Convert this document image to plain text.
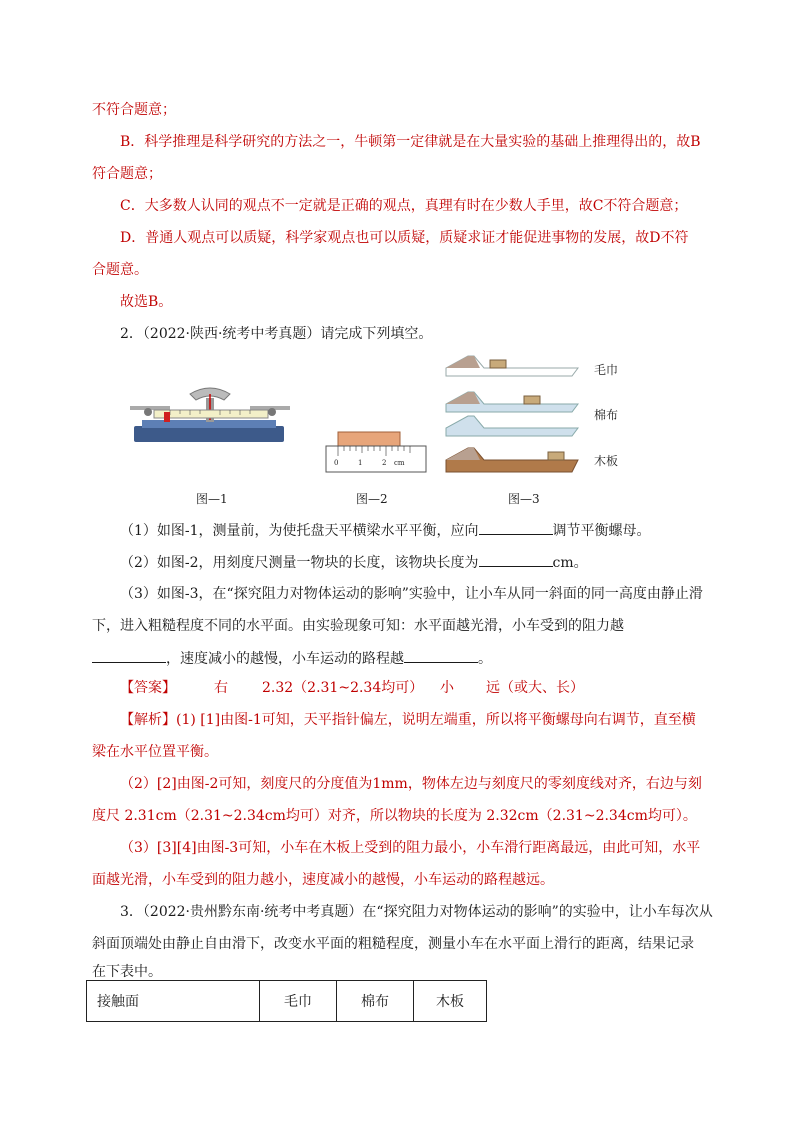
不符合题意；
B．科学推理是科学研究的方法之一，牛顿第一定律就是在大量实验的基础上推理得出的，故B
符合题意；
C．大多数人认同的观点不一定就是正确的观点，真理有时在少数人手里，故C不符合题意；
D．普通人观点可以质疑，科学家观点也可以质疑，质疑求证才能促进事物的发展，故D不符
合题意。
故选B。
2．（2022·陕西·统考中考真题）请完成下列填空。
图—1
0	1	2 cm
图—2
毛巾
棉布
木板
图—3
（1）如图-1，测量前，为使托盘天平横梁水平平衡，应向	调节平衡螺母。
（2）如图-2，用刻度尺测量一物块的长度，该物块长度为	cm。
（3）如图-3，在“探究阻力对物体运动的影响”实验中，让小车从同一斜面的同一高度由静止滑
下，进入粗糙程度不同的水平面。由实验现象可知：水平面越光滑，小车受到的阻力越
，速度减小的越慢，小车运动的路程越	。
【答案】	右 2.32（2.31~2.34均可） 小 远（或大、长）
【解析】(1) [1]由图-1可知，天平指针偏左，说明左端重，所以将平衡螺母向右调节，直至横
梁在水平位置平衡。
（2）[2]由图-2可知，刻度尺的分度值为1mm，物体左边与刻度尺的零刻度线对齐，右边与刻
度尺 2.31cm（2.31~2.34cm均可）对齐，所以物块的长度为 2.32cm（2.31~2.34cm均可）。
（3）[3][4]由图-3可知，小车在木板上受到的阻力最小，小车滑行距离最远，由此可知，水平
面越光滑，小车受到的阻力越小，速度减小的越慢，小车运动的路程越远。
3．（2022·贵州黔东南·统考中考真题）在“探究阻力对物体运动的影响”的实验中，让小车每次从
斜面顶端处由静止自由滑下，改变水平面的粗糙程度，测量小车在水平面上滑行的距离，结果记录
在下表中。
接触面	毛巾	棉布	木板
